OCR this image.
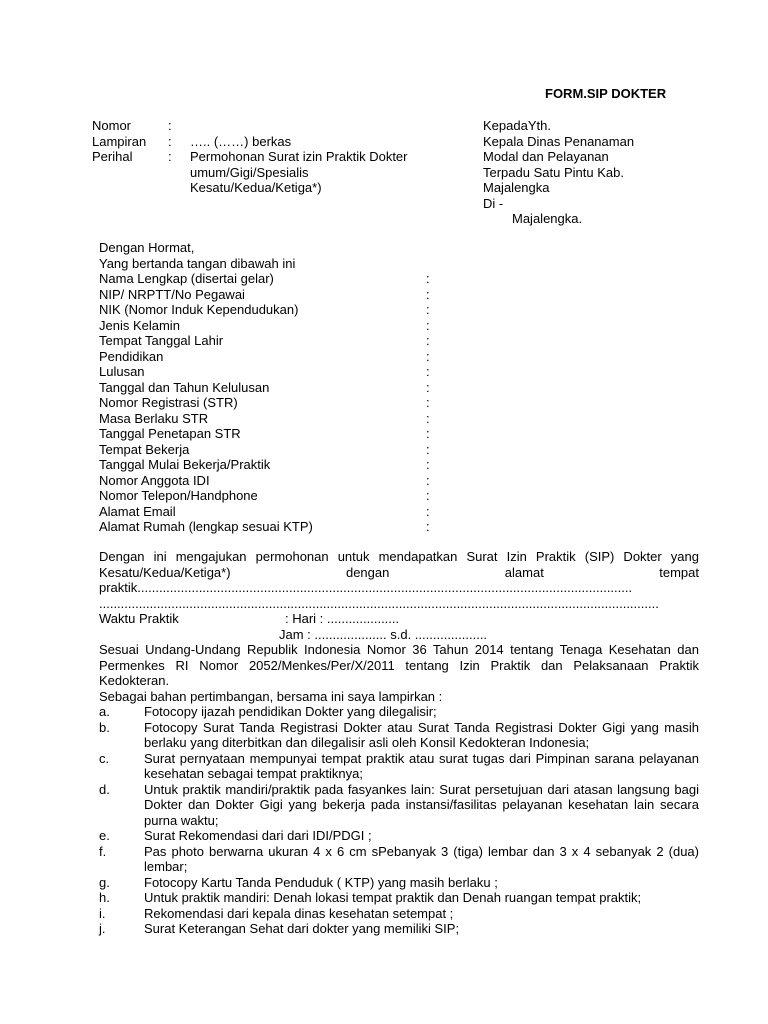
FORM.SIP DOKTER
Nomor	:
Lampiran	:	….. (……) berkas
Perihal	:	Permohonan Surat izin Praktik Dokter umum/Gigi/Spesialis Kesatu/Kedua/Ketiga*)
KepadaYth.
Kepala Dinas Penanaman
Modal dan Pelayanan
Terpadu Satu Pintu Kab.
Majalengka
Di -
Majalengka.
Dengan Hormat,
Yang bertanda tangan dibawah ini
Nama Lengkap (disertai gelar)	:
NIP/ NRPTT/No Pegawai	:
NIK (Nomor Induk Kependudukan)	:
Jenis Kelamin	:
Tempat Tanggal Lahir	:
Pendidikan	:
Lulusan	:
Tanggal dan Tahun Kelulusan	:
Nomor Registrasi (STR)	:
Masa Berlaku STR	:
Tanggal Penetapan STR	:
Tempat Bekerja	:
Tanggal Mulai Bekerja/Praktik	:
Nomor Anggota IDI	:
Nomor Telepon/Handphone	:
Alamat Email	:
Alamat Rumah (lengkap sesuai KTP)	:
Dengan ini mengajukan permohonan untuk mendapatkan Surat Izin Praktik (SIP) Dokter yang
Kesatu/Kedua/Ketiga*) dengan alamat tempat
praktik.........................................................................................................................................
...........................................................................................................................................................
Waktu Praktik	: Hari : ....................
Jam : .................... s.d. ....................
Sesuai Undang-Undang Republik Indonesia Nomor 36 Tahun 2014 tentang Tenaga Kesehatan dan Permenkes RI Nomor 2052/Menkes/Per/X/2011 tentang Izin Praktik dan Pelaksanaan Praktik Kedokteran.
Sebagai bahan pertimbangan, bersama ini saya lampirkan :
a.	Fotocopy ijazah pendidikan Dokter yang dilegalisir;
b.	Fotocopy Surat Tanda Registrasi Dokter atau Surat Tanda Registrasi Dokter Gigi yang masih berlaku yang diterbitkan dan dilegalisir asli oleh Konsil Kedokteran Indonesia;
c.	Surat pernyataan mempunyai tempat praktik atau surat tugas dari Pimpinan sarana pelayanan kesehatan sebagai tempat praktiknya;
d.	Untuk praktik mandiri/praktik pada fasyankes lain: Surat persetujuan dari atasan langsung bagi Dokter dan Dokter Gigi yang bekerja pada instansi/fasilitas pelayanan kesehatan lain secara purna waktu;
e.	Surat Rekomendasi dari dari IDI/PDGI ;
f.	Pas photo berwarna ukuran 4 x 6 cm sPebanyak 3 (tiga) lembar dan 3 x 4 sebanyak 2 (dua) lembar;
g.	Fotocopy Kartu Tanda Penduduk ( KTP) yang masih berlaku ;
h.	Untuk praktik mandiri: Denah lokasi tempat praktik dan Denah ruangan tempat praktik;
i.	Rekomendasi dari kepala dinas kesehatan setempat ;
j.	Surat Keterangan Sehat dari dokter yang memiliki SIP;
